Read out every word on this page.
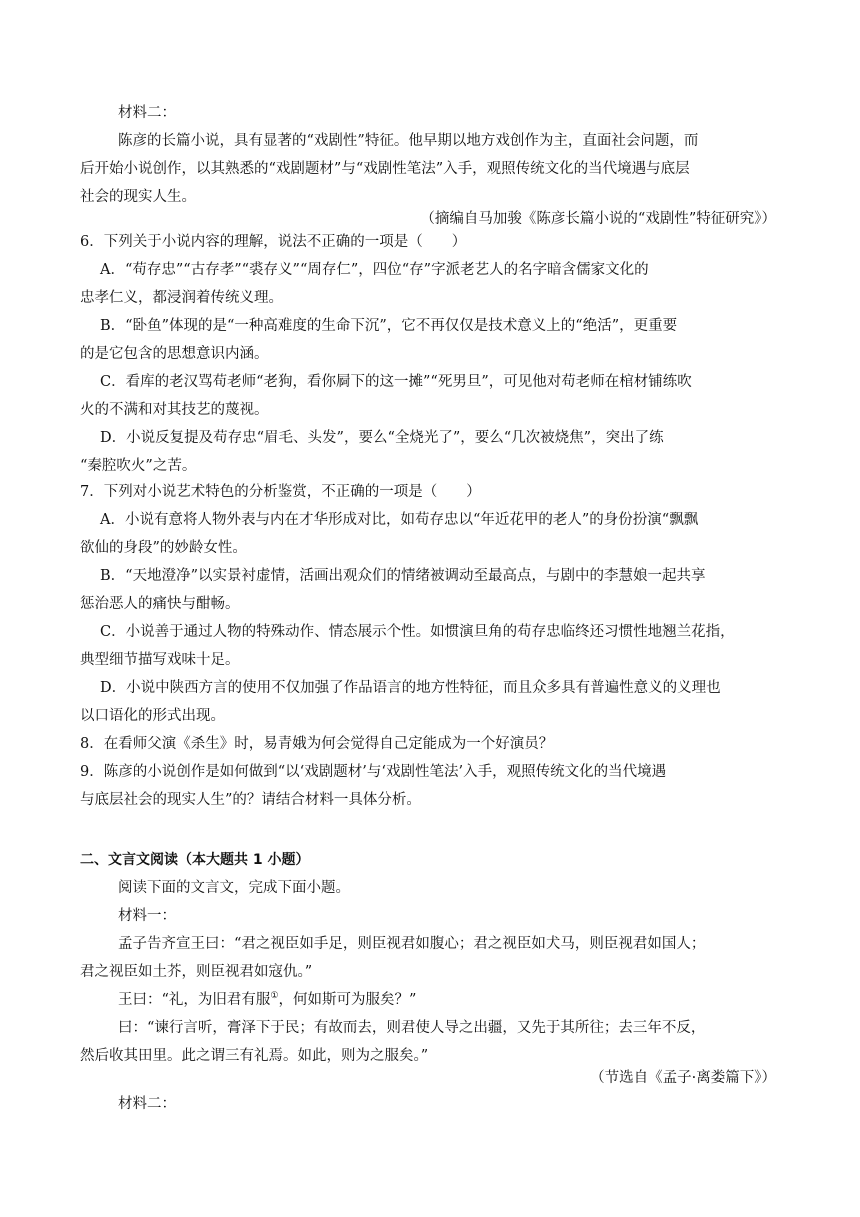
材料二：
陈彦的长篇小说，具有显著的“戏剧性”特征。他早期以地方戏创作为主，直面社会问题，而
后开始小说创作，以其熟悉的“戏剧题材”与“戏剧性笔法”入手，观照传统文化的当代境遇与底层
社会的现实人生。
（摘编自马加骏《陈彦长篇小说的“戏剧性”特征研究》）
6．下列关于小说内容的理解，说法不正确的一项是（　　）
A．“苟存忠”“古存孝”“裘存义”“周存仁”，四位“存”字派老艺人的名字暗含儒家文化的
忠孝仁义，都浸润着传统义理。
B．“卧鱼”体现的是“一种高难度的生命下沉”，它不再仅仅是技术意义上的“绝活”，更重要
的是它包含的思想意识内涵。
C．看库的老汉骂苟老师“老狗，看你屙下的这一摊”“死男旦”，可见他对苟老师在棺材铺练吹
火的不满和对其技艺的蔑视。
D．小说反复提及苟存忠“眉毛、头发”，要么“全烧光了”，要么“几次被烧焦”，突出了练
“秦腔吹火”之苦。
7．下列对小说艺术特色的分析鉴赏，不正确的一项是（　　）
A．小说有意将人物外表与内在才华形成对比，如苟存忠以“年近花甲的老人”的身份扮演“飘飘
欲仙的身段”的妙龄女性。
B．“天地澄净”以实景衬虚情，活画出观众们的情绪被调动至最高点，与剧中的李慧娘一起共享
惩治恶人的痛快与酣畅。
C．小说善于通过人物的特殊动作、情态展示个性。如惯演旦角的苟存忠临终还习惯性地翘兰花指，
典型细节描写戏味十足。
D．小说中陕西方言的使用不仅加强了作品语言的地方性特征，而且众多具有普遍性意义的义理也
以口语化的形式出现。
8．在看师父演《杀生》时，易青娥为何会觉得自己定能成为一个好演员？
9．陈彦的小说创作是如何做到“以‘戏剧题材’与‘戏剧性笔法’入手，观照传统文化的当代境遇
与底层社会的现实人生”的？请结合材料一具体分析。
二、文言文阅读（本大题共 1 小题）
阅读下面的文言文，完成下面小题。
材料一：
孟子告齐宣王曰：“君之视臣如手足，则臣视君如腹心；君之视臣如犬马，则臣视君如国人；
君之视臣如土芥，则臣视君如寇仇。”
王曰：“礼，为旧君有服①，何如斯可为服矣？”
曰：“谏行言听，膏泽下于民；有故而去，则君使人导之出疆，又先于其所往；去三年不反，
然后收其田里。此之谓三有礼焉。如此，则为之服矣。”
（节选自《孟子·离娄篇下》）
材料二：
